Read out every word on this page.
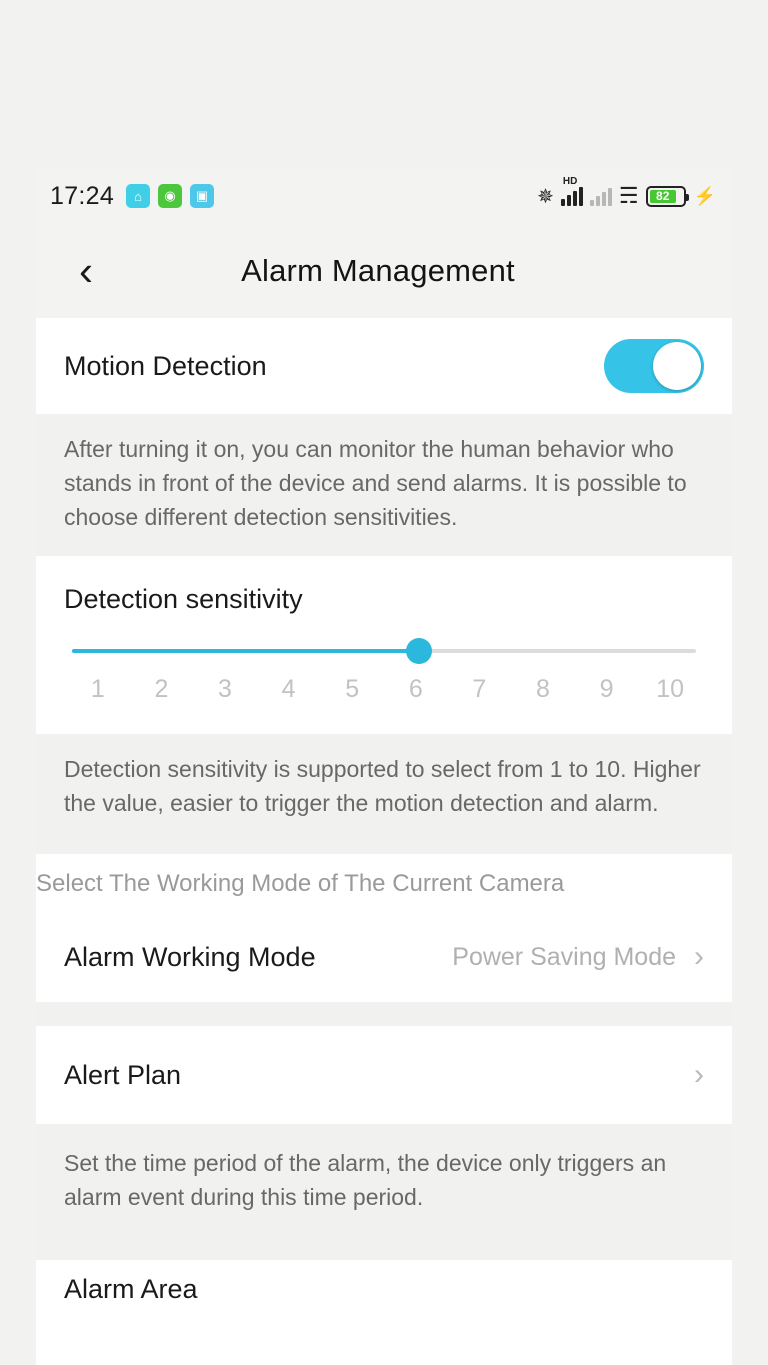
17:24	⌂	◉	▣	✵
HD
☴	82	⚡
‹	Alarm Management
Motion Detection

After turning it on, you can monitor the human behavior who stands in front of the device and send alarms. It is possible to choose different detection sensitivities.

Detection sensitivity
1	2	3	4	5	6	7	8	9	10

Detection sensitivity is supported to select from 1 to 10. Higher the value, easier to trigger the motion detection and alarm.

Select The Working Mode of The Current Camera
Alarm Working Mode	Power Saving Mode ›
Alert Plan	›

Set the time period of the alarm, the device only triggers an alarm event during this time period.

Alarm Area
